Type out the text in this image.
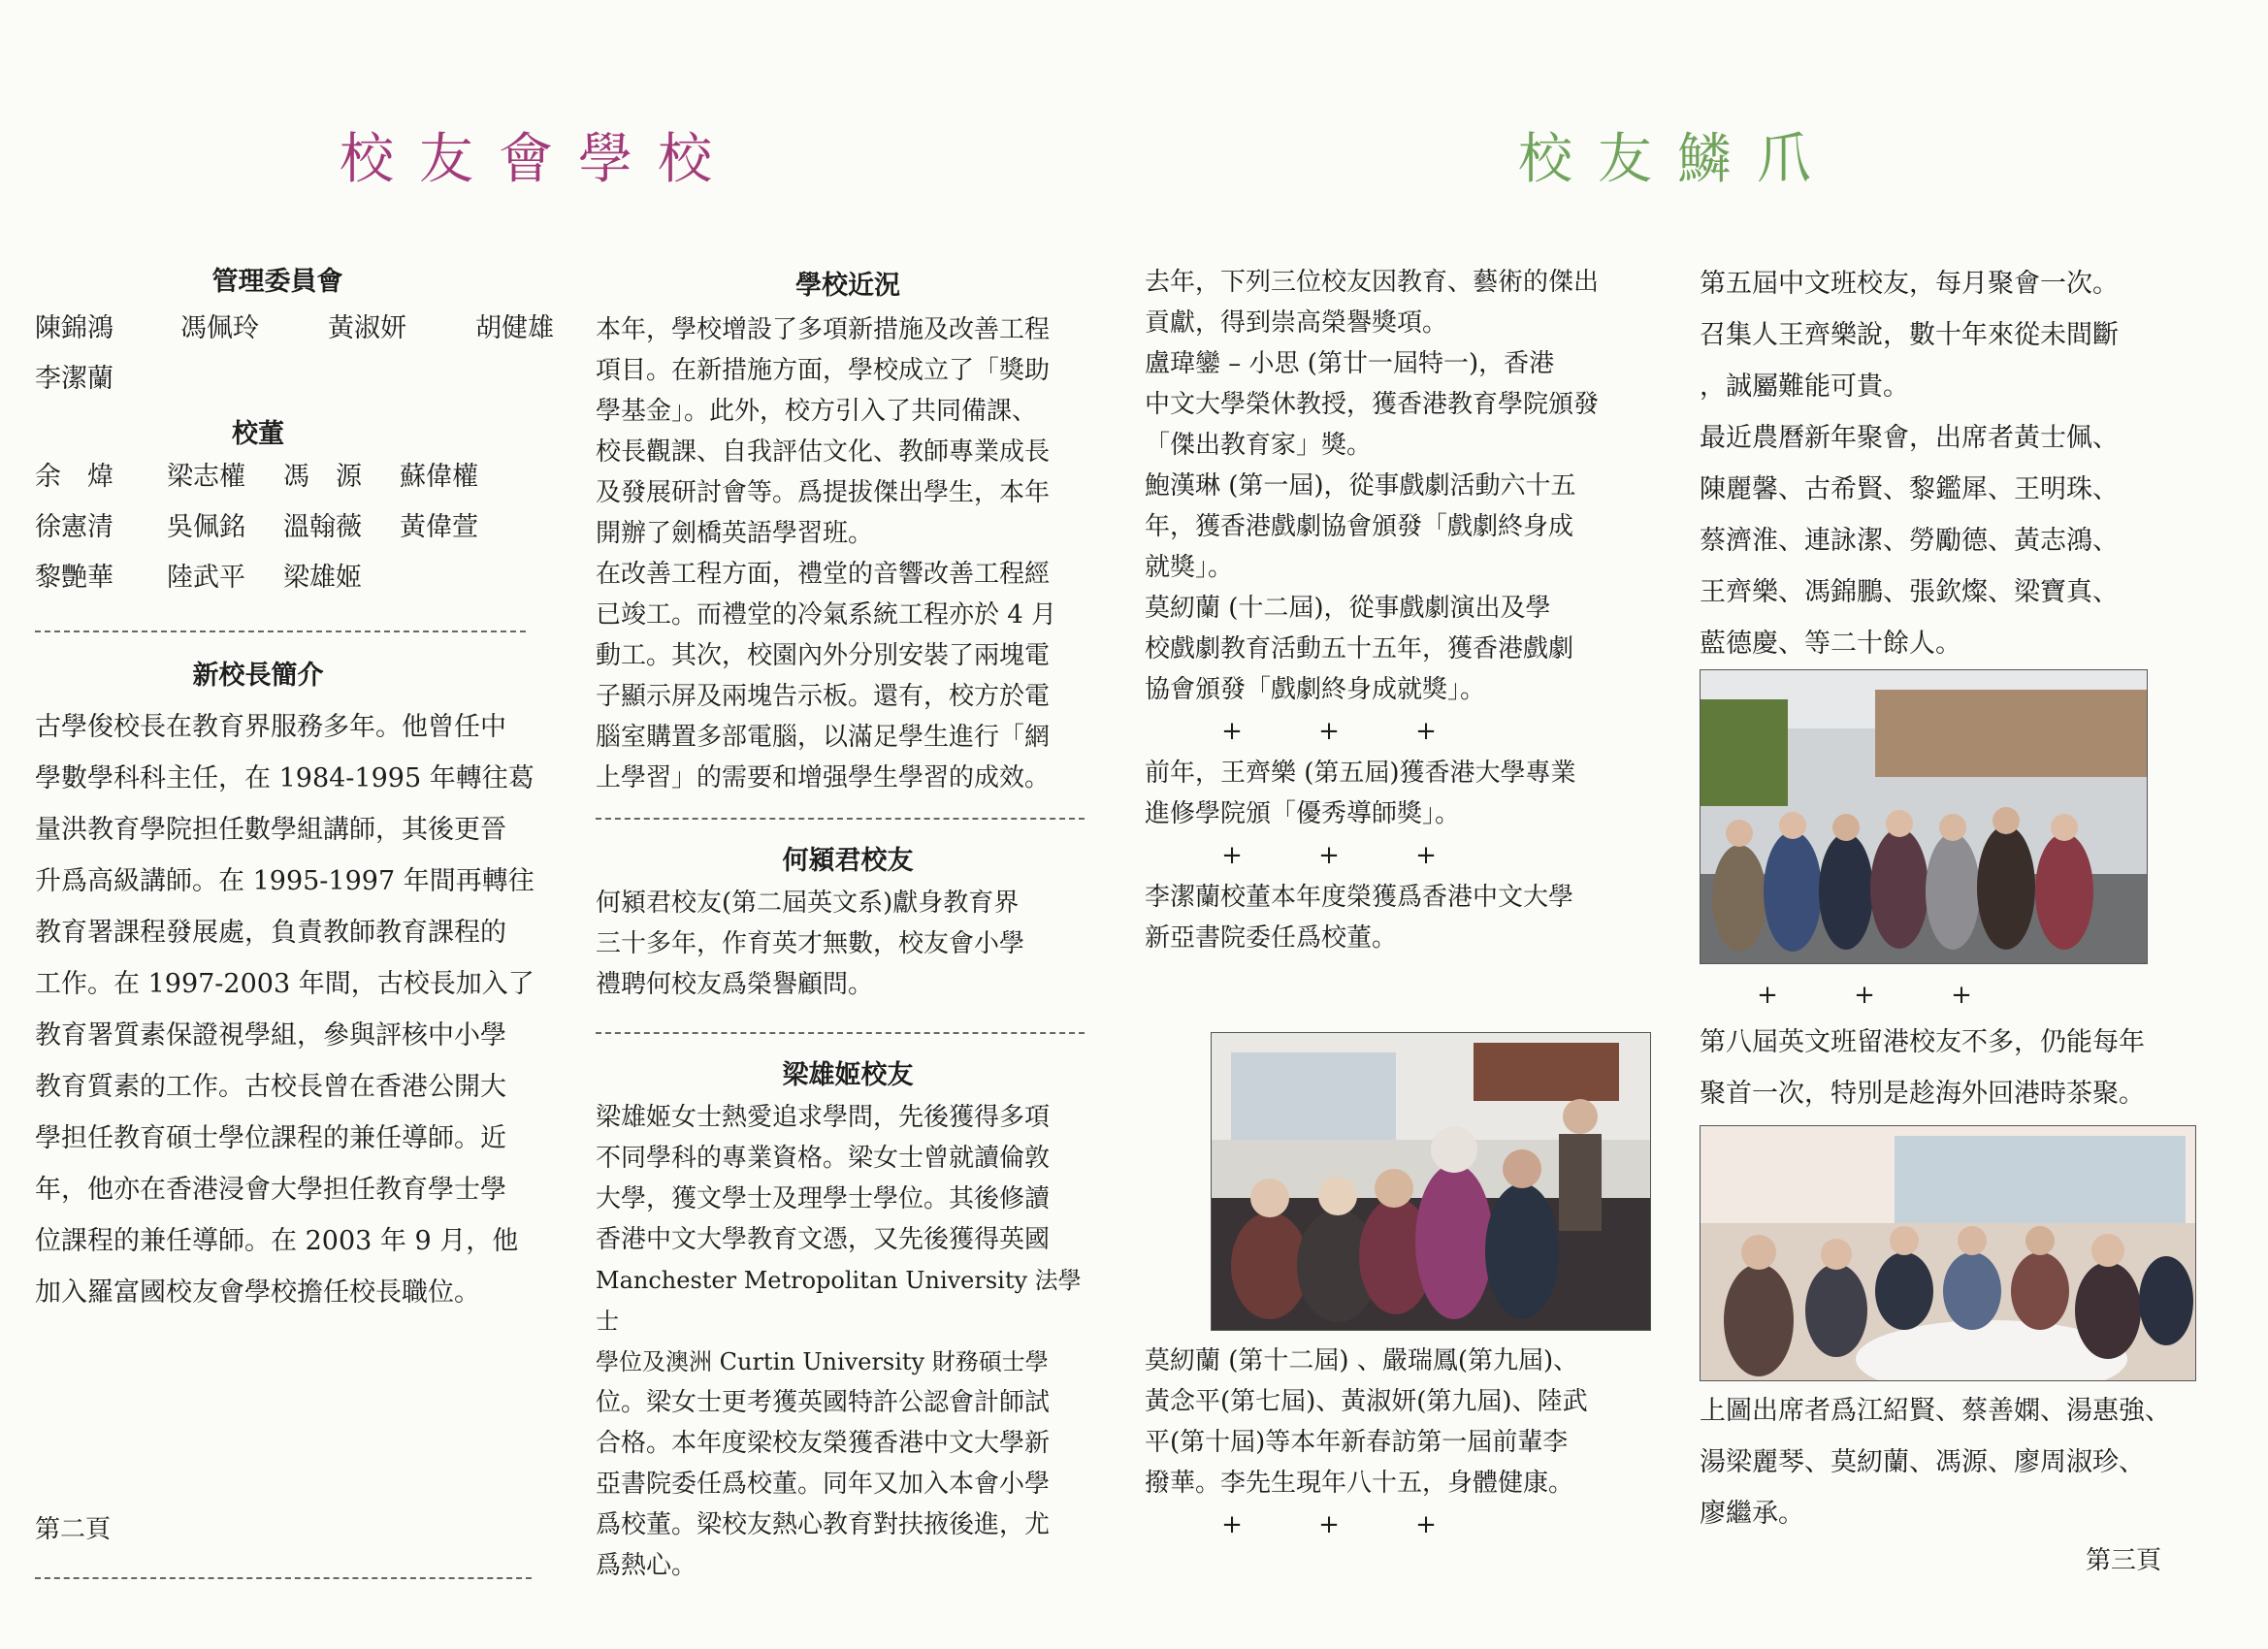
校友會學校	校友鱗爪
管理委員會
陳錦鴻	馮佩玲	黃淑妍	胡健雄
李潔蘭
校董
余　煒	梁志權	馮　源	蘇偉權
徐憲清	吳佩銘	溫翰薇	黃偉萱
黎艷華	陸武平	梁雄姬
新校長簡介

古學俊校長在教育界服務多年。他曾任中

學數學科科主任，在 1984-1995 年轉往葛

量洪教育學院担任數學組講師，其後更晉

升爲高級講師。在 1995-1997 年間再轉往

教育署課程發展處，負責教師教育課程的

工作。在 1997-2003 年間，古校長加入了

教育署質素保證視學組，參與評核中小學

教育質素的工作。古校長曾在香港公開大

學担任教育碩士學位課程的兼任導師。近

年，他亦在香港浸會大學担任教育學士學

位課程的兼任導師。在 2003 年 9 月，他

加入羅富國校友會學校擔任校長職位。

第二頁
學校近況

本年，學校增設了多項新措施及改善工程

項目。在新措施方面，學校成立了「獎助

學基金」。此外，校方引入了共同備課、

校長觀課、自我評估文化、教師專業成長

及發展研討會等。爲提拔傑出學生，本年

開辦了劍橋英語學習班。

在改善工程方面，禮堂的音響改善工程經

已竣工。而禮堂的冷氣系統工程亦於 4 月

動工。其次，校園內外分別安裝了兩塊電

子顯示屏及兩塊告示板。還有，校方於電

腦室購置多部電腦，以滿足學生進行「網

上學習」的需要和增强學生學習的成效。

何潁君校友

何潁君校友(第二屆英文系)獻身教育界

三十多年，作育英才無數，校友會小學

禮聘何校友爲榮譽顧問。

梁雄姬校友

梁雄姬女士熱愛追求學問，先後獲得多項

不同學科的專業資格。梁女士曾就讀倫敦

大學，獲文學士及理學士學位。其後修讀

香港中文大學教育文憑，又先後獲得英國

Manchester Metropolitan University 法學士

學位及澳洲 Curtin University 財務碩士學

位。梁女士更考獲英國特許公認會計師試

合格。本年度梁校友榮獲香港中文大學新

亞書院委任爲校董。同年又加入本會小學

爲校董。梁校友熱心教育對扶掖後進，尤

爲熱心。

去年，下列三位校友因教育、藝術的傑出

貢獻，得到崇高榮譽獎項。

盧瑋鑾 – 小思 (第廿一屆特一)，香港

中文大學榮休教授，獲香港教育學院頒發

「傑出教育家」獎。

鮑漢琳 (第一屆)，從事戲劇活動六十五

年，獲香港戲劇協會頒發「戲劇終身成

就獎」。

莫紉蘭 (十二屆)，從事戲劇演出及學

校戲劇教育活動五十五年，獲香港戲劇

協會頒發「戲劇終身成就獎」。

+	+	+

前年，王齊樂 (第五屆)獲香港大學專業

進修學院頒「優秀導師獎」。

+	+	+

李潔蘭校董本年度榮獲爲香港中文大學

新亞書院委任爲校董。

莫紉蘭 (第十二屆) 、嚴瑞鳳(第九屆)、

黃念平(第七屆)、黃淑妍(第九屆)、陸武

平(第十屆)等本年新春訪第一屆前輩李

撥華。李先生現年八十五，身體健康。

+	+	+

第五屆中文班校友，每月聚會一次。

召集人王齊樂說，數十年來從未間斷

，誠屬難能可貴。

最近農曆新年聚會，出席者黃士佩、

陳麗馨、古希賢、黎鑑犀、王明珠、

蔡濟淮、連詠潔、勞勵德、黃志鴻、

王齊樂、馮錦鵬、張欽燦、梁寶真、

藍德慶、等二十餘人。

+	+	+

第八屆英文班留港校友不多，仍能每年

聚首一次，特別是趁海外回港時茶聚。

上圖出席者爲江紹賢、蔡善嫻、湯惠強、

湯梁麗琴、莫紉蘭、馮源、廖周淑珍、

廖繼承。

第三頁
